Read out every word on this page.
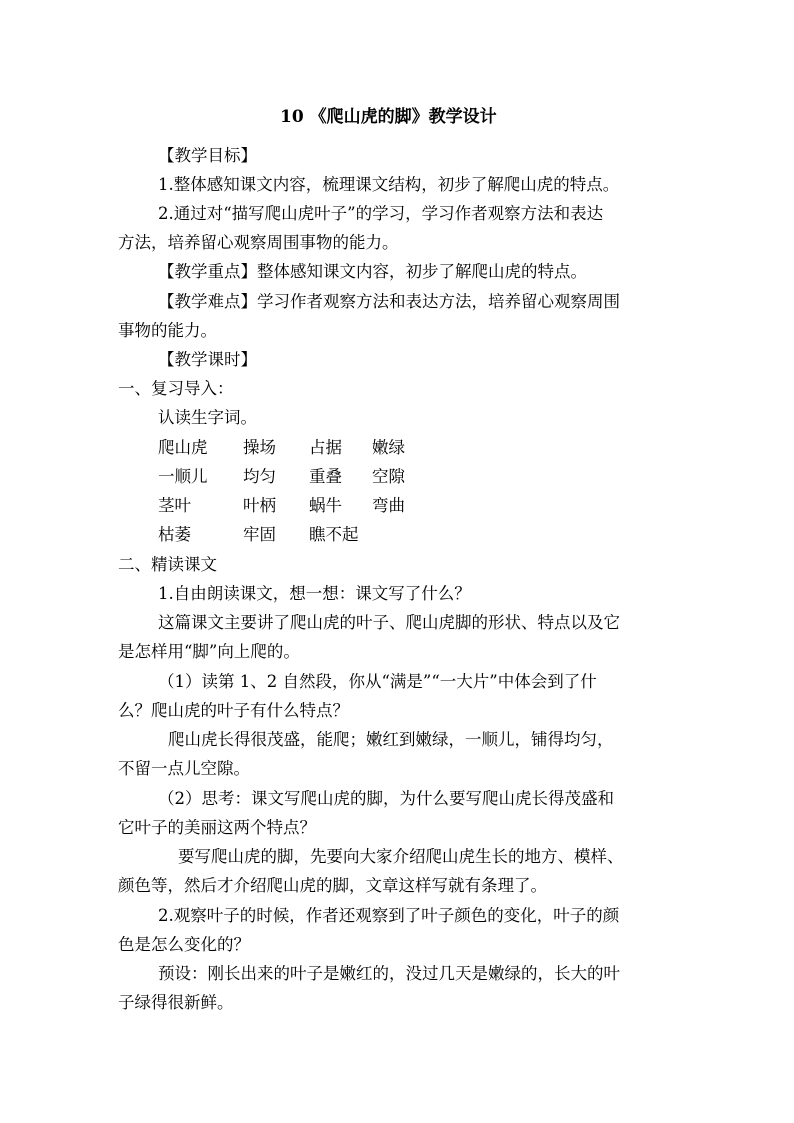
10 《爬山虎的脚》教学设计
【教学目标】
1.整体感知课文内容，梳理课文结构，初步了解爬山虎的特点。
2.通过对“描写爬山虎叶子”的学习，学习作者观察方法和表达
方法，培养留心观察周围事物的能力。
【教学重点】整体感知课文内容，初步了解爬山虎的特点。
【教学难点】学习作者观察方法和表达方法，培养留心观察周围
事物的能力。
【教学课时】
一、复习导入：
认读生字词。
爬山虎 操场 占据 嫩绿
一顺儿 均匀 重叠 空隙
茎叶	叶柄 蜗牛 弯曲
枯萎	牢固 瞧不起
二、精读课文
1.自由朗读课文，想一想：课文写了什么？
这篇课文主要讲了爬山虎的叶子、爬山虎脚的形状、特点以及它
是怎样用“脚”向上爬的。
（1）读第 1、2 自然段，你从“满是”“一大片”中体会到了什
么？爬山虎的叶子有什么特点？
爬山虎长得很茂盛，能爬；嫩红到嫩绿，一顺儿，铺得均匀，
不留一点儿空隙。
（2）思考：课文写爬山虎的脚，为什么要写爬山虎长得茂盛和
它叶子的美丽这两个特点？
要写爬山虎的脚，先要向大家介绍爬山虎生长的地方、模样、
颜色等，然后才介绍爬山虎的脚，文章这样写就有条理了。
2.观察叶子的时候，作者还观察到了叶子颜色的变化，叶子的颜
色是怎么变化的？
预设：刚长出来的叶子是嫩红的，没过几天是嫩绿的，长大的叶
子绿得很新鲜。
